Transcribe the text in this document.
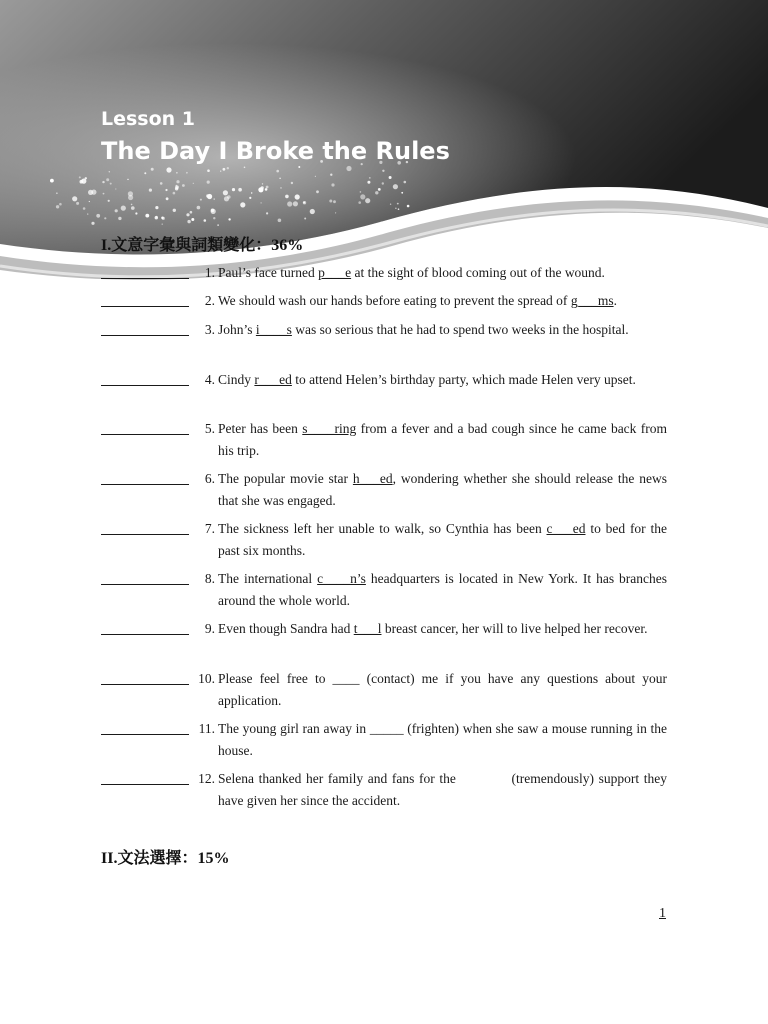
Lesson 1
The Day I Broke the Rules
I.文意字彙與詞類變化：36%
1. Paul’s face turned p___e at the sight of blood coming out of the wound.
2. We should wash our hands before eating to prevent the spread of g___ms.
3. John’s i____s was so serious that he had to spend two weeks in the hospital.
4. Cindy r___ed to attend Helen’s birthday party, which made Helen very upset.
5. Peter has been s____ring from a fever and a bad cough since he came back from his trip.
6. The popular movie star h___ed, wondering whether she should release the news that she was engaged.
7. The sickness left her unable to walk, so Cynthia has been c___ed to bed for the past six months.
8. The international c____n’s headquarters is located in New York. It has branches around the whole world.
9. Even though Sandra had t___l breast cancer, her will to live helped her recover.
10. Please feel free to ____ (contact) me if you have any questions about your application.
11. The young girl ran away in _____ (frighten) when she saw a mouse running in the house.
12. Selena thanked her family and fans for the	(tremendously) support they have given her since the accident.
II.文法選擇：15%
1
